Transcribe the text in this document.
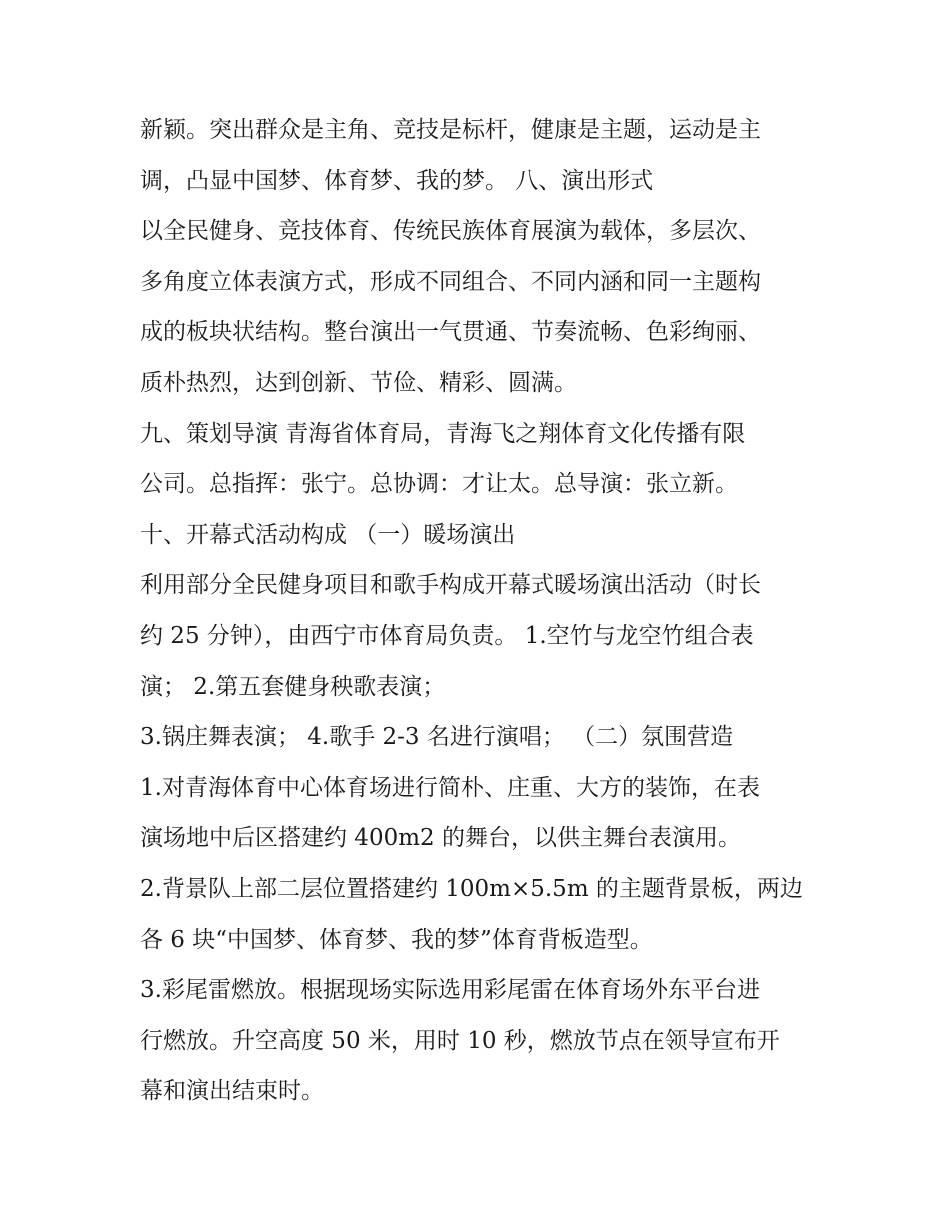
新颖。突出群众是主角、竞技是标杆，健康是主题，运动是主

调，凸显中国梦、体育梦、我的梦。 八、演出形式

以全民健身、竞技体育、传统民族体育展演为载体，多层次、

多角度立体表演方式，形成不同组合、不同内涵和同一主题构

成的板块状结构。整台演出一气贯通、节奏流畅、色彩绚丽、

质朴热烈，达到创新、节俭、精彩、圆满。

九、策划导演 青海省体育局，青海飞之翔体育文化传播有限

公司。总指挥：张宁。总协调：才让太。总导演：张立新。

十、开幕式活动构成 （一）暖场演出

利用部分全民健身项目和歌手构成开幕式暖场演出活动（时长

约 25 分钟），由西宁市体育局负责。 1.空竹与龙空竹组合表

演； 2.第五套健身秧歌表演；

3.锅庄舞表演； 4.歌手 2-3 名进行演唱； （二）氛围营造

1.对青海体育中心体育场进行简朴、庄重、大方的装饰，在表

演场地中后区搭建约 400m2 的舞台，以供主舞台表演用。

2.背景队上部二层位置搭建约 100m×5.5m 的主题背景板，两边

各 6 块“中国梦、体育梦、我的梦”体育背板造型。

3.彩尾雷燃放。根据现场实际选用彩尾雷在体育场外东平台进

行燃放。升空高度 50 米，用时 10 秒，燃放节点在领导宣布开

幕和演出结束时。
